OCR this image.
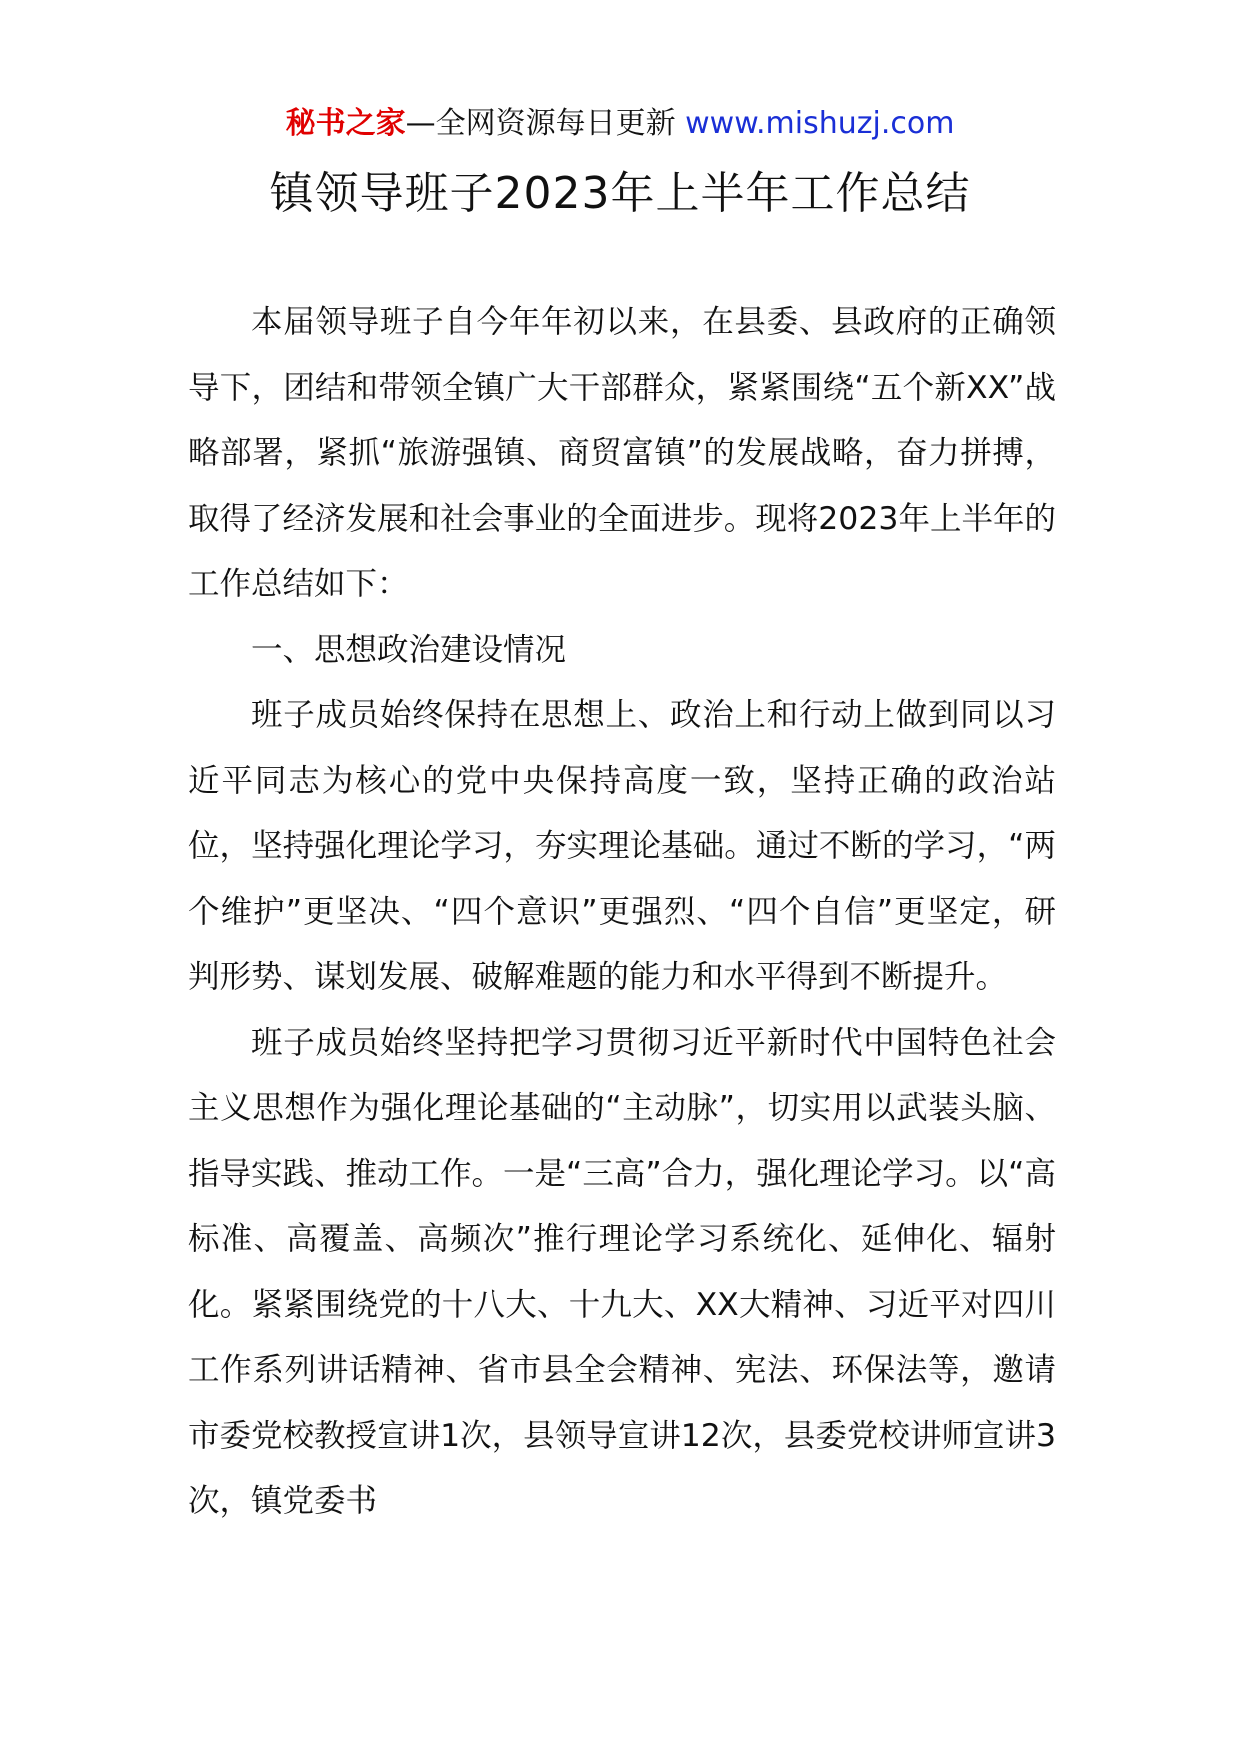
秘书之家—全网资源每日更新 www.mishuzj.com
镇领导班子2023年上半年工作总结

本届领导班子自今年年初以来，在县委、县政府的正确领导下，团结和带领全镇广大干部群众，紧紧围绕“五个新XX”战略部署，紧抓“旅游强镇、商贸富镇”的发展战略，奋力拼搏，取得了经济发展和社会事业的全面进步。现将2023年上半年的工作总结如下：

一、思想政治建设情况

班子成员始终保持在思想上、政治上和行动上做到同以习近平同志为核心的党中央保持高度一致，坚持正确的政治站位，坚持强化理论学习，夯实理论基础。通过不断的学习，“两个维护”更坚决、“四个意识”更强烈、“四个自信”更坚定，研判形势、谋划发展、破解难题的能力和水平得到不断提升。

班子成员始终坚持把学习贯彻习近平新时代中国特色社会主义思想作为强化理论基础的“主动脉”，切实用以武装头脑、指导实践、推动工作。一是“三高”合力，强化理论学习。以“高标准、高覆盖、高频次”推行理论学习系统化、延伸化、辐射化。紧紧围绕党的十八大、十九大、XX大精神、习近平对四川工作系列讲话精神、省市县全会精神、宪法、环保法等，邀请市委党校教授宣讲1次，县领导宣讲12次，县委党校讲师宣讲3次，镇党委书
